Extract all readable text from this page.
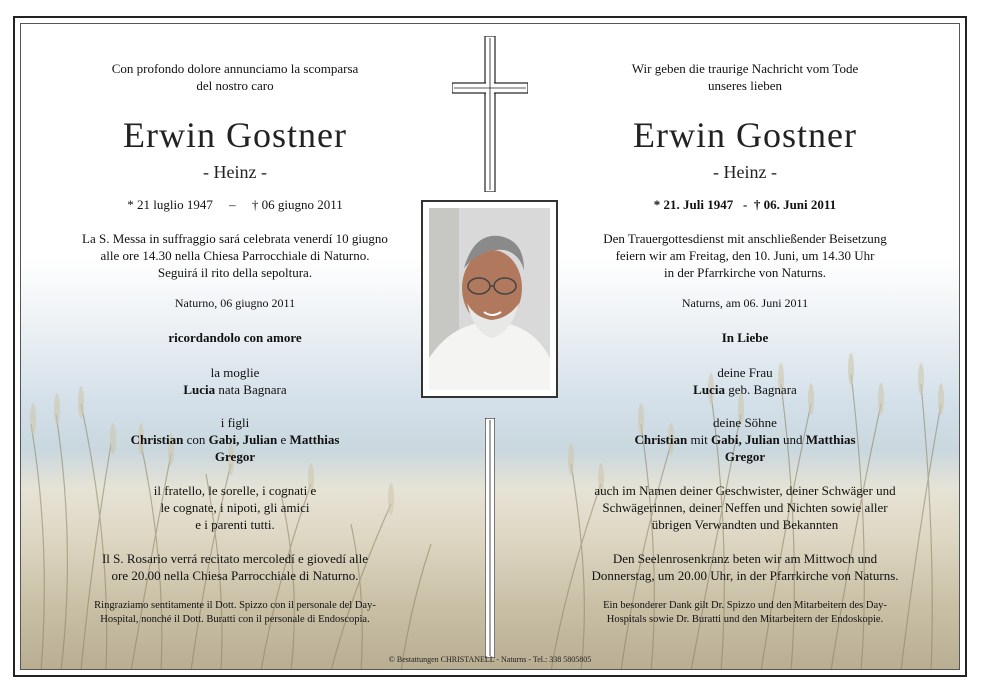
Con profondo dolore annunciamo la scomparsa
del nostro caro
Erwin Gostner
- Heinz -
* 21 luglio 1947     –     † 06 giugno 2011
La S. Messa in suffraggio sará celebrata venerdí 10 giugno
alle ore 14.30 nella Chiesa Parrocchiale di Naturno.
Seguirá il rito della sepoltura.
Naturno, 06 giugno 2011
ricordandolo con amore
la moglie
Lucia nata Bagnara
i figli
Christian con Gabi, Julian e Matthias
Gregor
il fratello, le sorelle, i cognati e
le cognate, i nipoti, gli amici
e i parenti tutti.
Il S. Rosario verrá recitato mercoledí e giovedí alle
ore 20.00 nella Chiesa Parrocchiale di Naturno.
Ringraziamo sentitamente il Dott. Spizzo con il personale del Day-
Hospital, nonché il Dott. Buratti con il personale di Endoscopia.
Wir geben die traurige Nachricht vom Tode
unseres lieben
Erwin Gostner
- Heinz -
* 21. Juli 1947   -  † 06. Juni 2011
Den Trauergottesdienst mit anschließender Beisetzung
feiern wir am Freitag, den 10. Juni, um 14.30 Uhr
in der Pfarrkirche von Naturns.
Naturns, am 06. Juni 2011
In Liebe
deine Frau
Lucia geb. Bagnara
deine Söhne
Christian mit Gabi, Julian und Matthias
Gregor
auch im Namen deiner Geschwister, deiner Schwäger und
Schwägerinnen, deiner Neffen und Nichten sowie aller
übrigen Verwandten und Bekannten
Den Seelenrosenkranz beten wir am Mittwoch und
Donnerstag, um 20.00 Uhr, in der Pfarrkirche von Naturns.
Ein besonderer Dank gilt Dr. Spizzo und den Mitarbeitern des Day-
Hospitals sowie Dr. Buratti und den Mitarbeitern der Endoskopie.
© Bestattungen CHRISTANELL - Naturns - Tel.: 338 5805805
